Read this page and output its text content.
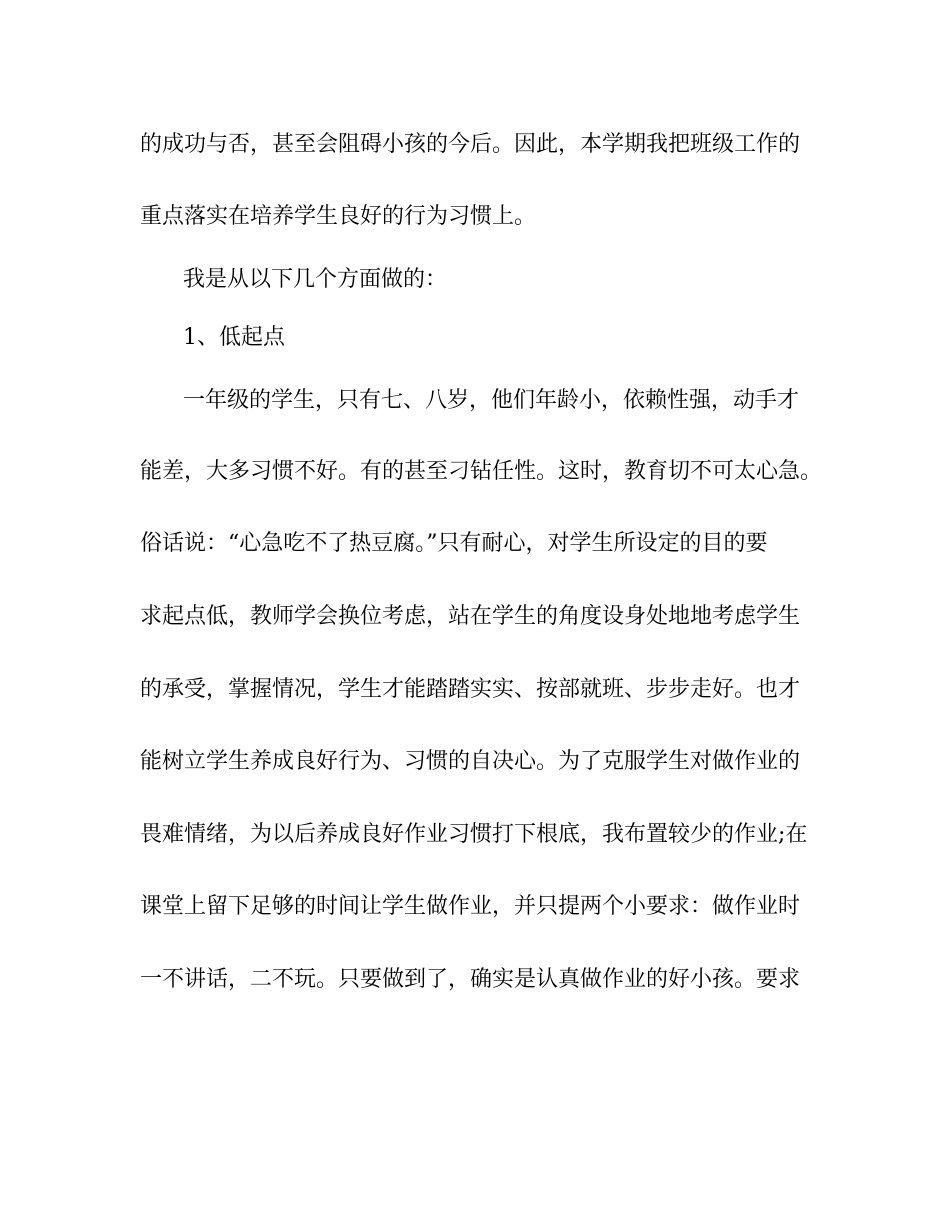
的成功与否，甚至会阻碍小孩的今后。因此，本学期我把班级工作的
重点落实在培养学生良好的行为习惯上。
我是从以下几个方面做的：
1、低起点
一年级的学生，只有七、八岁，他们年龄小，依赖性强，动手才
能差，大多习惯不好。有的甚至刁钻任性。这时，教育切不可太心急。
俗话说：“心急吃不了热豆腐。”只有耐心，对学生所设定的目的要
求起点低，教师学会换位考虑，站在学生的角度设身处地地考虑学生
的承受，掌握情况，学生才能踏踏实实、按部就班、步步走好。也才
能树立学生养成良好行为、习惯的自决心。为了克服学生对做作业的
畏难情绪，为以后养成良好作业习惯打下根底，我布置较少的作业;在
课堂上留下足够的时间让学生做作业，并只提两个小要求：做作业时
一不讲话，二不玩。只要做到了，确实是认真做作业的好小孩。要求
